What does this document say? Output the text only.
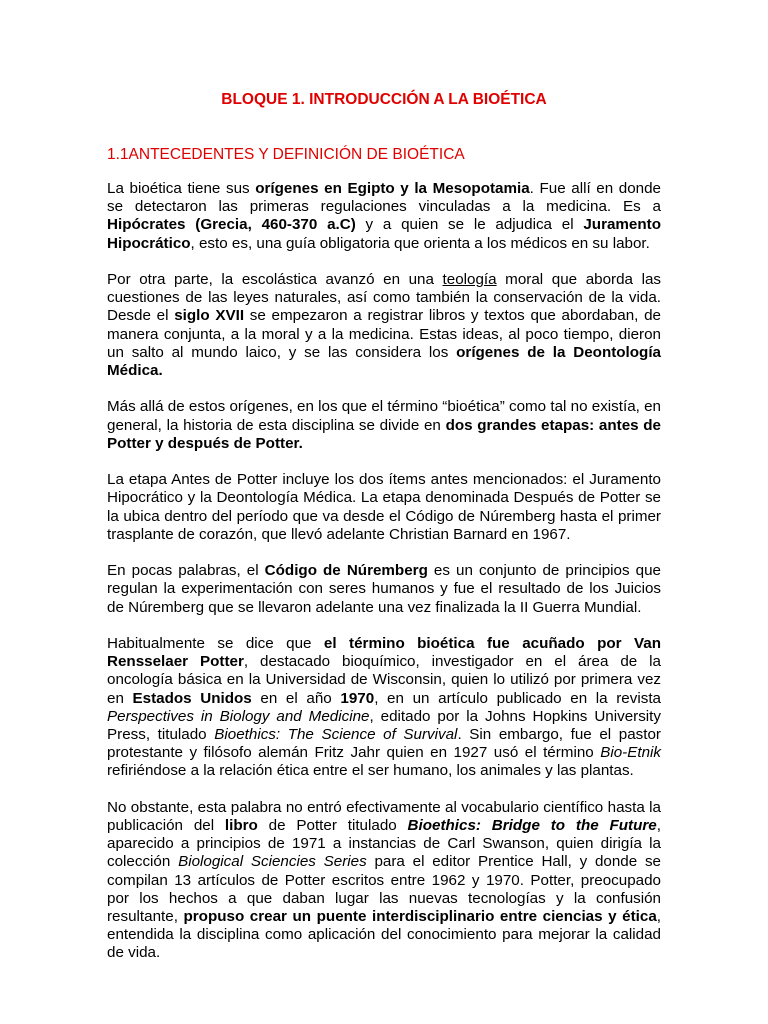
BLOQUE 1. INTRODUCCIÓN A LA BIOÉTICA
1.1ANTECEDENTES Y DEFINICIÓN DE BIOÉTICA

La bioética tiene sus orígenes en Egipto y la Mesopotamia. Fue allí en donde se detectaron las primeras regulaciones vinculadas a la medicina. Es a Hipócrates (Grecia, 460-370 a.C) y a quien se le adjudica el Juramento Hipocrático, esto es, una guía obligatoria que orienta a los médicos en su labor.

Por otra parte, la escolástica avanzó en una teología moral que aborda las cuestiones de las leyes naturales, así como también la conservación de la vida. Desde el siglo XVII se empezaron a registrar libros y textos que abordaban, de manera conjunta, a la moral y a la medicina. Estas ideas, al poco tiempo, dieron un salto al mundo laico, y se las considera los orígenes de la Deontología Médica.

Más allá de estos orígenes, en los que el término “bioética” como tal no existía, en general, la historia de esta disciplina se divide en dos grandes etapas: antes de Potter y después de Potter.

La etapa Antes de Potter incluye los dos ítems antes mencionados: el Juramento Hipocrático y la Deontología Médica. La etapa denominada Después de Potter se la ubica dentro del período que va desde el Código de Núremberg hasta el primer trasplante de corazón, que llevó adelante Christian Barnard en 1967.

En pocas palabras, el Código de Núremberg es un conjunto de principios que regulan la experimentación con seres humanos y fue el resultado de los Juicios de Núremberg que se llevaron adelante una vez finalizada la II Guerra Mundial.

Habitualmente se dice que el término bioética fue acuñado por Van Rensselaer Potter, destacado bioquímico, investigador en el área de la oncología básica en la Universidad de Wisconsin, quien lo utilizó por primera vez en Estados Unidos en el año 1970, en un artículo publicado en la revista Perspectives in Biology and Medicine, editado por la Johns Hopkins University Press, titulado Bioethics: The Science of Survival. Sin embargo, fue el pastor protestante y filósofo alemán Fritz Jahr quien en 1927 usó el término Bio-Etnik refiriéndose a la relación ética entre el ser humano, los animales y las plantas.

No obstante, esta palabra no entró efectivamente al vocabulario científico hasta la publicación del libro de Potter titulado Bioethics: Bridge to the Future, aparecido a principios de 1971 a instancias de Carl Swanson, quien dirigía la colección Biological Sciencies Series para el editor Prentice Hall, y donde se compilan 13 artículos de Potter escritos entre 1962 y 1970. Potter, preocupado por los hechos a que daban lugar las nuevas tecnologías y la confusión resultante, propuso crear un puente interdisciplinario entre ciencias y ética, entendida la disciplina como aplicación del conocimiento para mejorar la calidad de vida.
